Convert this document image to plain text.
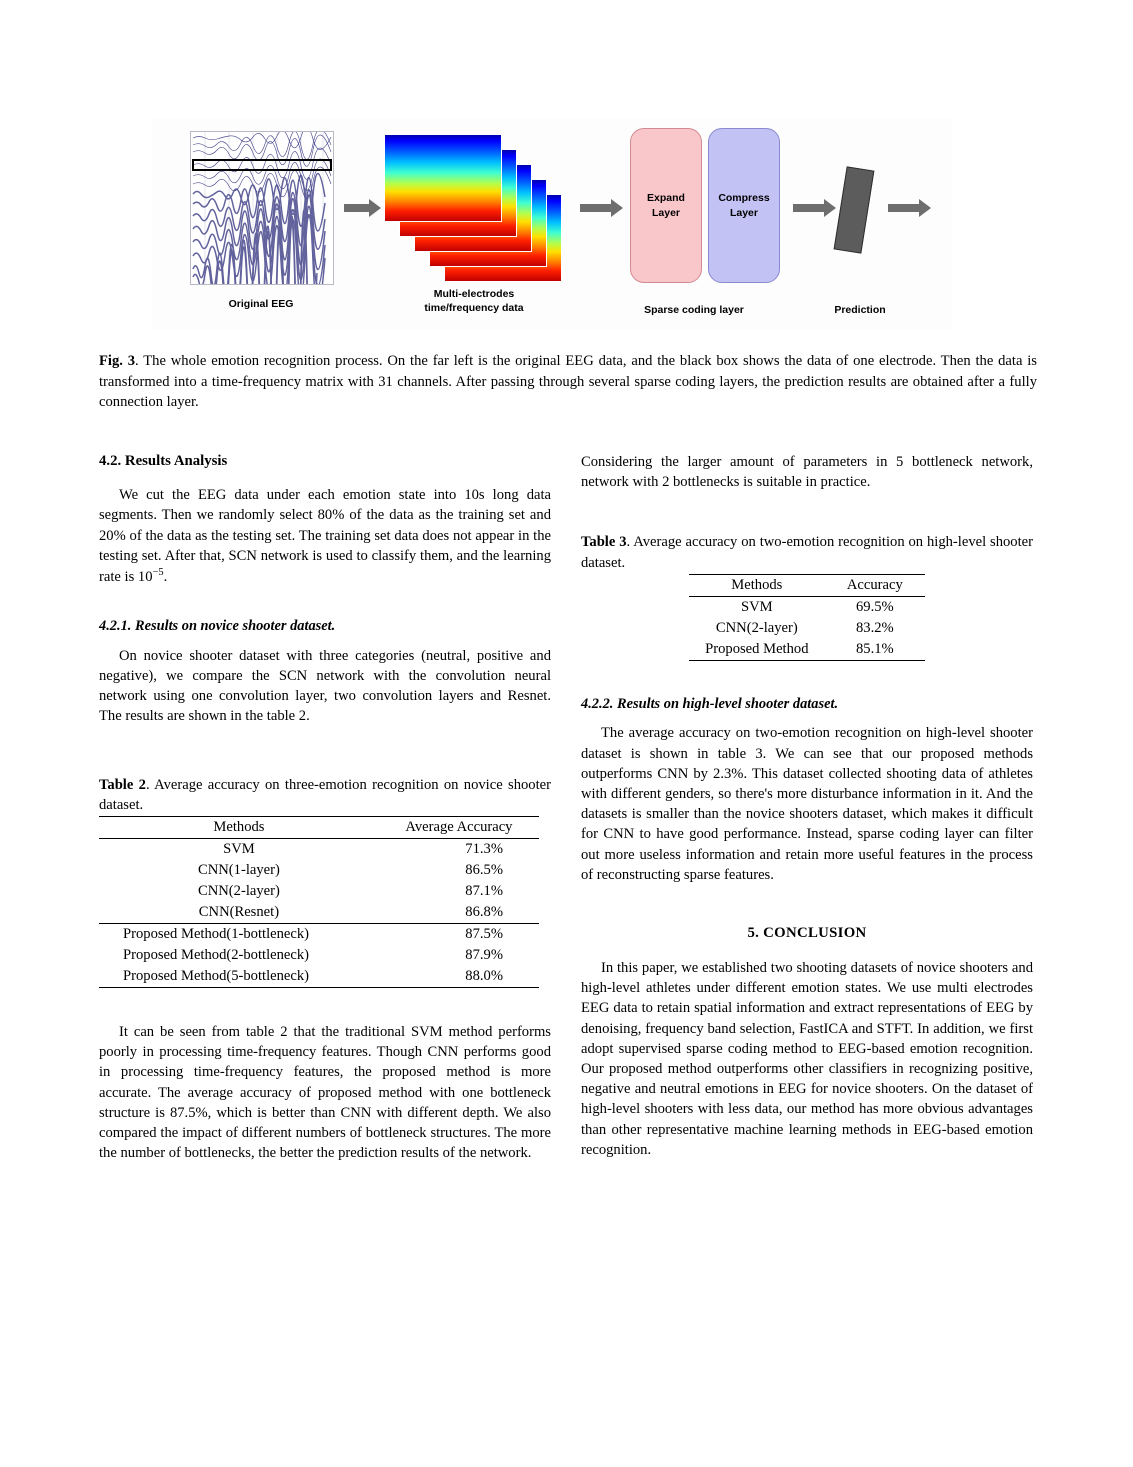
Expand
Layer
Compress
Layer
Original EEG
Multi-electrodes
time/frequency data	Sparse coding layer	Prediction
Fig. 3. The whole emotion recognition process. On the far left is the original EEG data, and the black box shows the data of one electrode. Then the data is transformed into a time-frequency matrix with 31 channels. After passing through several sparse coding layers, the prediction results are obtained after a fully connection layer.
4.2. Results Analysis

We cut the EEG data under each emotion state into 10s long data segments. Then we randomly select 80% of the data as the training set and 20% of the data as the testing set. The training set data does not appear in the testing set. After that, SCN network is used to classify them, and the learning rate is $10^{-5}$.

4.2.1. Results on novice shooter dataset.

On novice shooter dataset with three categories (neutral, positive and negative), we compare the SCN network with the convolution neural network using one convolution layer, two convolution layers and Resnet. The results are shown in the table 2.

Table 2. Average accuracy on three-emotion recognition on novice shooter dataset.
Methods	Average Accuracy
SVM	71.3%
CNN(1-layer)	86.5%
CNN(2-layer)	87.1%
CNN(Resnet)	86.8%
Proposed Method(1-bottleneck)	87.5%
Proposed Method(2-bottleneck)	87.9%
Proposed Method(5-bottleneck)	88.0%

It can be seen from table 2 that the traditional SVM method performs poorly in processing time-frequency features. Though CNN performs good in processing time-frequency features, the proposed method is more accurate. The average accuracy of proposed method with one bottleneck structure is 87.5%, which is better than CNN with different depth. We also compared the impact of different numbers of bottleneck structures. The more the number of bottlenecks, the better the prediction results of the network.

Considering the larger amount of parameters in 5 bottleneck network, network with 2 bottlenecks is suitable in practice.

Table 3. Average accuracy on two-emotion recognition on high-level shooter dataset.
Methods	Accuracy
SVM	69.5%
CNN(2-layer)	83.2%
Proposed Method	85.1%
4.2.2. Results on high-level shooter dataset.

The average accuracy on two-emotion recognition on high-level shooter dataset is shown in table 3. We can see that our proposed methods outperforms CNN by 2.3%. This dataset collected shooting data of athletes with different genders, so there's more disturbance information in it. And the datasets is smaller than the novice shooters dataset, which makes it difficult for CNN to have good performance. Instead, sparse coding layer can filter out more useless information and retain more useful features in the process of reconstructing sparse features.

5. CONCLUSION

In this paper, we established two shooting datasets of novice shooters and high-level athletes under different emotion states. We use multi electrodes EEG data to retain spatial information and extract representations of EEG by denoising, frequency band selection, FastICA and STFT. In addition, we first adopt supervised sparse coding method to EEG-based emotion recognition. Our proposed method outperforms other classifiers in recognizing positive, negative and neutral emotions in EEG for novice shooters. On the dataset of high-level shooters with less data, our method has more obvious advantages than other representative machine learning methods in EEG-based emotion recognition.
